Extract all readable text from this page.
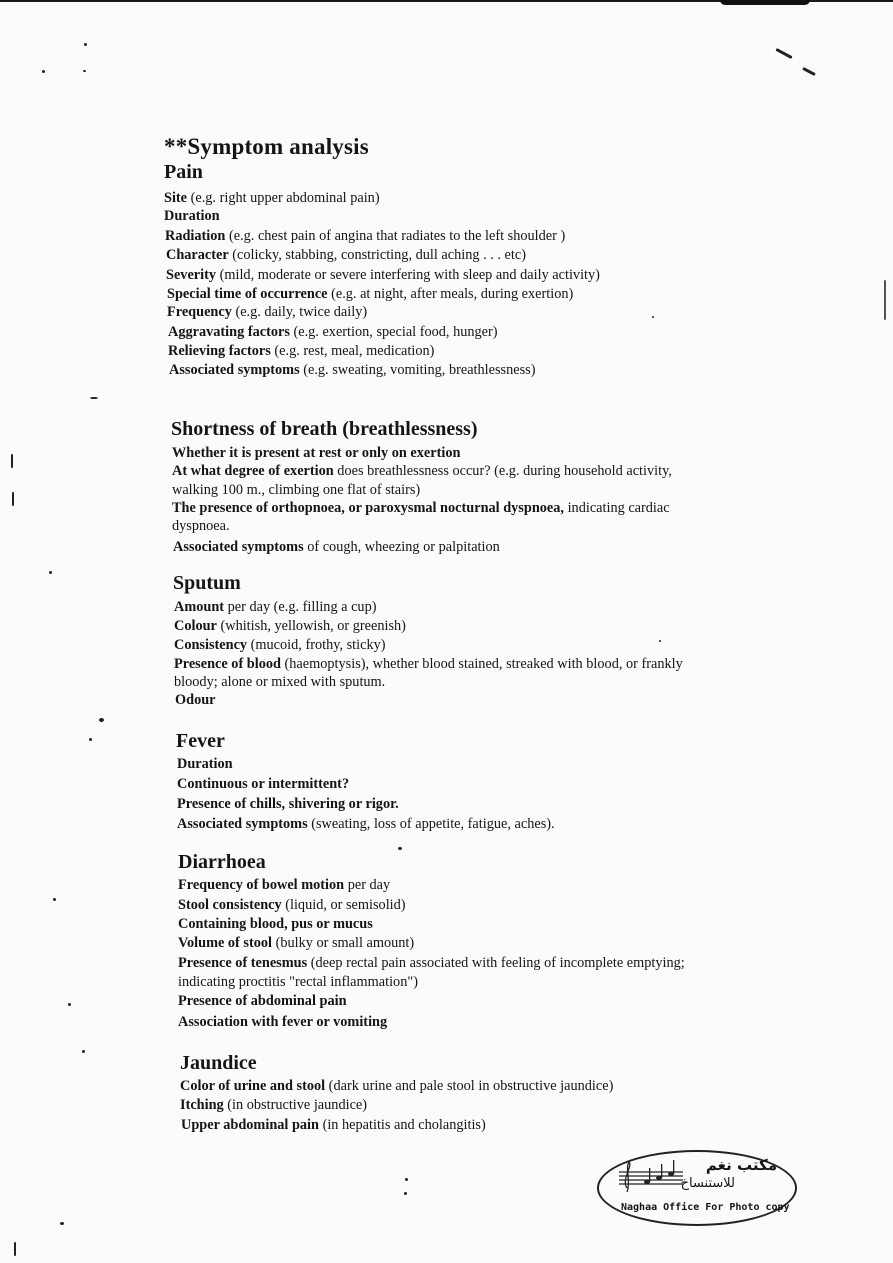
**Symptom analysis
Pain
Site (e.g. right upper abdominal pain)
Duration
Radiation (e.g. chest pain of angina that radiates to the left shoulder )
Character (colicky, stabbing, constricting, dull aching . . . etc)
Severity (mild, moderate or severe interfering with sleep and daily activity)
Special time of occurrence (e.g. at night, after meals, during exertion)
Frequency (e.g. daily, twice daily)
Aggravating factors (e.g. exertion, special food, hunger)
Relieving factors (e.g. rest, meal, medication)
Associated symptoms (e.g. sweating, vomiting, breathlessness)
Shortness of breath (breathlessness)
Whether it is present at rest or only on exertion
At what degree of exertion does breathlessness occur? (e.g. during household activity,
walking 100 m., climbing one flat of stairs)
The presence of orthopnoea, or paroxysmal nocturnal dyspnoea, indicating cardiac
dyspnoea.
Associated symptoms of cough, wheezing or palpitation
Sputum
Amount per day (e.g. filling a cup)
Colour (whitish, yellowish, or greenish)
Consistency (mucoid, frothy, sticky)
Presence of blood (haemoptysis), whether blood stained, streaked with blood, or frankly
bloody; alone or mixed with sputum.
Odour
Fever
Duration
Continuous or intermittent?
Presence of chills, shivering or rigor.
Associated symptoms (sweating, loss of appetite, fatigue, aches).
Diarrhoea
Frequency of bowel motion per day
Stool consistency (liquid, or semisolid)
Containing blood, pus or mucus
Volume of stool (bulky or small amount)
Presence of tenesmus (deep rectal pain associated with feeling of incomplete emptying;
indicating proctitis "rectal inflammation")
Presence of abdominal pain
Association with fever or vomiting
Jaundice
Color of urine and stool (dark urine and pale stool in obstructive jaundice)
Itching (in obstructive jaundice)
Upper abdominal pain (in hepatitis and cholangitis)
مكتب نغم
للاستنساخ
Naghaa Office For Photo copy
